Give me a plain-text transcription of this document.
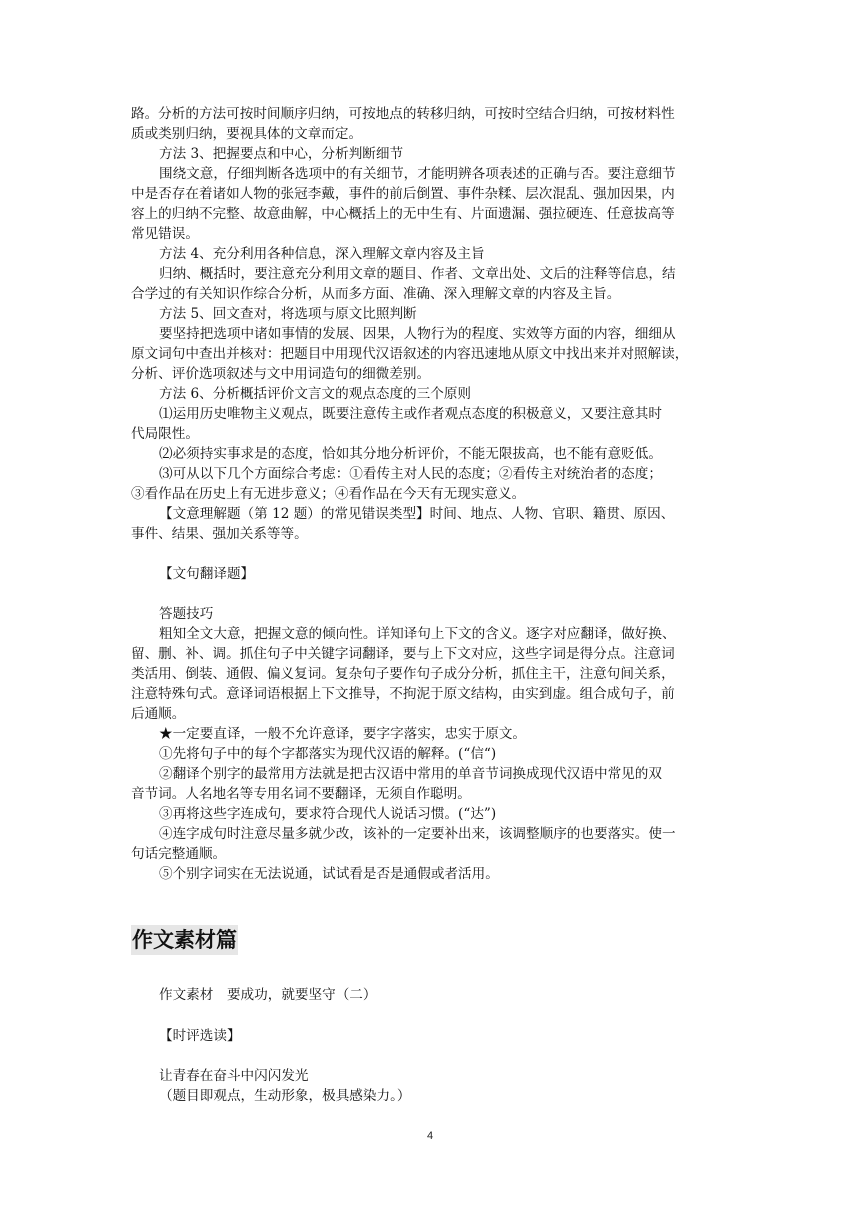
路。分析的方法可按时间顺序归纳，可按地点的转移归纳，可按时空结合归纳，可按材料性
质或类别归纳，要视具体的文章而定。
方法 3、把握要点和中心，分析判断细节
围绕文意，仔细判断各选项中的有关细节，才能明辨各项表述的正确与否。要注意细节
中是否存在着诸如人物的张冠李戴，事件的前后倒置、事件杂糅、层次混乱、强加因果，内
容上的归纳不完整、故意曲解，中心概括上的无中生有、片面遗漏、强拉硬连、任意拔高等
常见错误。
方法 4、充分利用各种信息，深入理解文章内容及主旨
归纳、概括时，要注意充分利用文章的题目、作者、文章出处、文后的注释等信息，结
合学过的有关知识作综合分析，从而多方面、准确、深入理解文章的内容及主旨。
方法 5、回文查对，将选项与原文比照判断
要坚持把选项中诸如事情的发展、因果，人物行为的程度、实效等方面的内容，细细从
原文词句中查出并核对：把题目中用现代汉语叙述的内容迅速地从原文中找出来并对照解读，
分析、评价选项叙述与文中用词造句的细微差别。
方法 6、分析概括评价文言文的观点态度的三个原则
⑴运用历史唯物主义观点，既要注意传主或作者观点态度的积极意义，又要注意其时
代局限性。
⑵必须持实事求是的态度，恰如其分地分析评价，不能无限拔高，也不能有意贬低。
⑶可从以下几个方面综合考虑：①看传主对人民的态度；②看传主对统治者的态度；
③看作品在历史上有无进步意义；④看作品在今天有无现实意义。
【文意理解题（第 12 题）的常见错误类型】时间、地点、人物、官职、籍贯、原因、
事件、结果、强加关系等等。
【文句翻译题】
答题技巧
粗知全文大意，把握文意的倾向性。详知译句上下文的含义。逐字对应翻译，做好换、
留、删、补、调。抓住句子中关键字词翻译，要与上下文对应，这些字词是得分点。注意词
类活用、倒装、通假、偏义复词。复杂句子要作句子成分分析，抓住主干，注意句间关系，
注意特殊句式。意译词语根据上下文推导，不拘泥于原文结构，由实到虚。组合成句子，前
后通顺。
★一定要直译，一般不允许意译，要字字落实，忠实于原文。
①先将句子中的每个字都落实为现代汉语的解释。(“信“)
②翻译个别字的最常用方法就是把古汉语中常用的单音节词换成现代汉语中常见的双
音节词。人名地名等专用名词不要翻译，无须自作聪明。
③再将这些字连成句，要求符合现代人说话习惯。(“达”)
④连字成句时注意尽量多就少改，该补的一定要补出来，该调整顺序的也要落实。使一
句话完整通顺。
⑤个别字词实在无法说通，试试看是否是通假或者活用。
作文素材篇
作文素材　要成功，就要坚守（二）
【时评选读】
让青春在奋斗中闪闪发光
（题目即观点，生动形象，极具感染力。）
4
